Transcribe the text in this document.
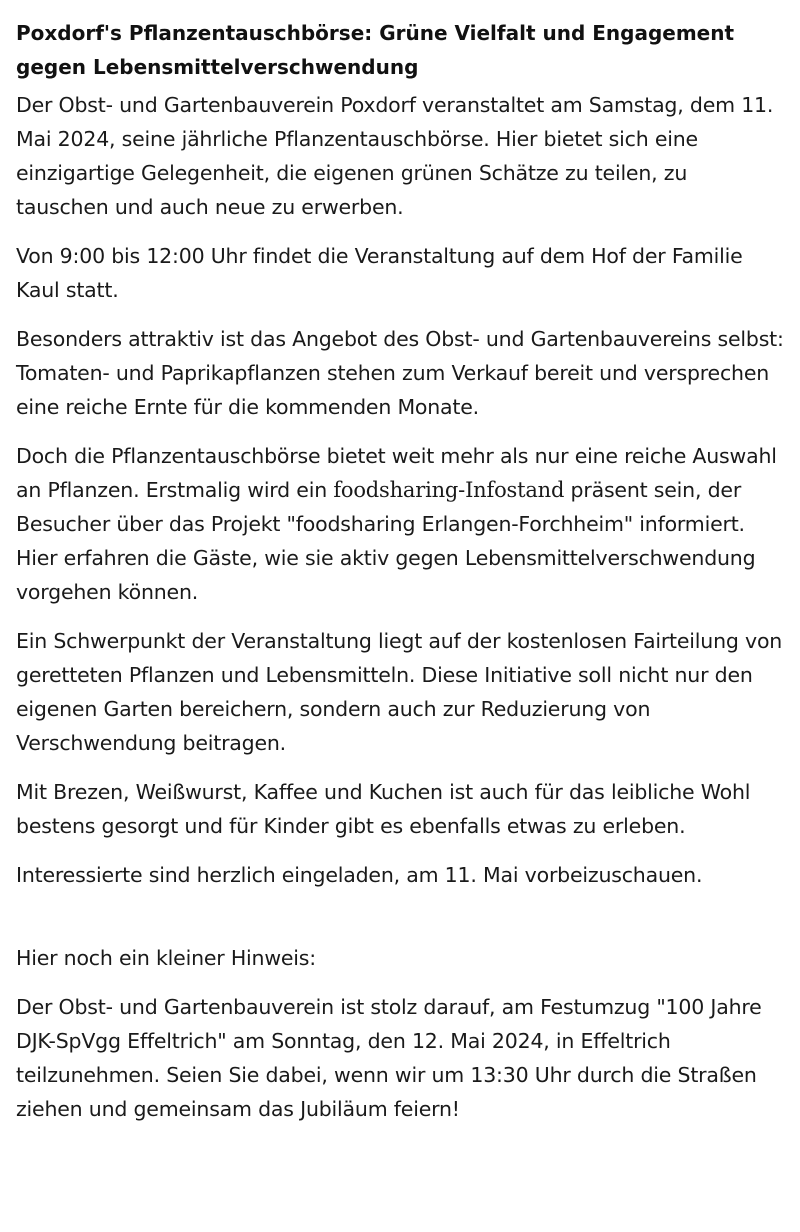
Poxdorf's Pflanzentauschbörse: Grüne Vielfalt und Engagement gegen Lebensmittelverschwendung

Der Obst- und Gartenbauverein Poxdorf veranstaltet am Samstag, dem 11. Mai 2024, seine jährliche Pflanzentauschbörse. Hier bietet sich eine einzigartige Gelegenheit, die eigenen grünen Schätze zu teilen, zu tauschen und auch neue zu erwerben.

Von 9:00 bis 12:00 Uhr findet die Veranstaltung auf dem Hof der Familie Kaul statt.

Besonders attraktiv ist das Angebot des Obst- und Gartenbauvereins selbst: Tomaten- und Paprikapflanzen stehen zum Verkauf bereit und versprechen eine reiche Ernte für die kommenden Monate.

Doch die Pflanzentauschbörse bietet weit mehr als nur eine reiche Auswahl an Pflanzen. Erstmalig wird ein foodsharing-Infostand präsent sein, der Besucher über das Projekt "foodsharing Erlangen-Forchheim" informiert. Hier erfahren die Gäste, wie sie aktiv gegen Lebensmittelverschwendung vorgehen können.

Ein Schwerpunkt der Veranstaltung liegt auf der kostenlosen Fairteilung von geretteten Pflanzen und Lebensmitteln. Diese Initiative soll nicht nur den eigenen Garten bereichern, sondern auch zur Reduzierung von Verschwendung beitragen.

Mit Brezen, Weißwurst, Kaffee und Kuchen ist auch für das leibliche Wohl bestens gesorgt und für Kinder gibt es ebenfalls etwas zu erleben.

Interessierte sind herzlich eingeladen, am 11. Mai vorbeizuschauen.

Hier noch ein kleiner Hinweis:

Der Obst- und Gartenbauverein ist stolz darauf, am Festumzug "100 Jahre DJK-SpVgg Effeltrich" am Sonntag, den 12. Mai 2024, in Effeltrich teilzunehmen. Seien Sie dabei, wenn wir um 13:30 Uhr durch die Straßen ziehen und gemeinsam das Jubiläum feiern!
